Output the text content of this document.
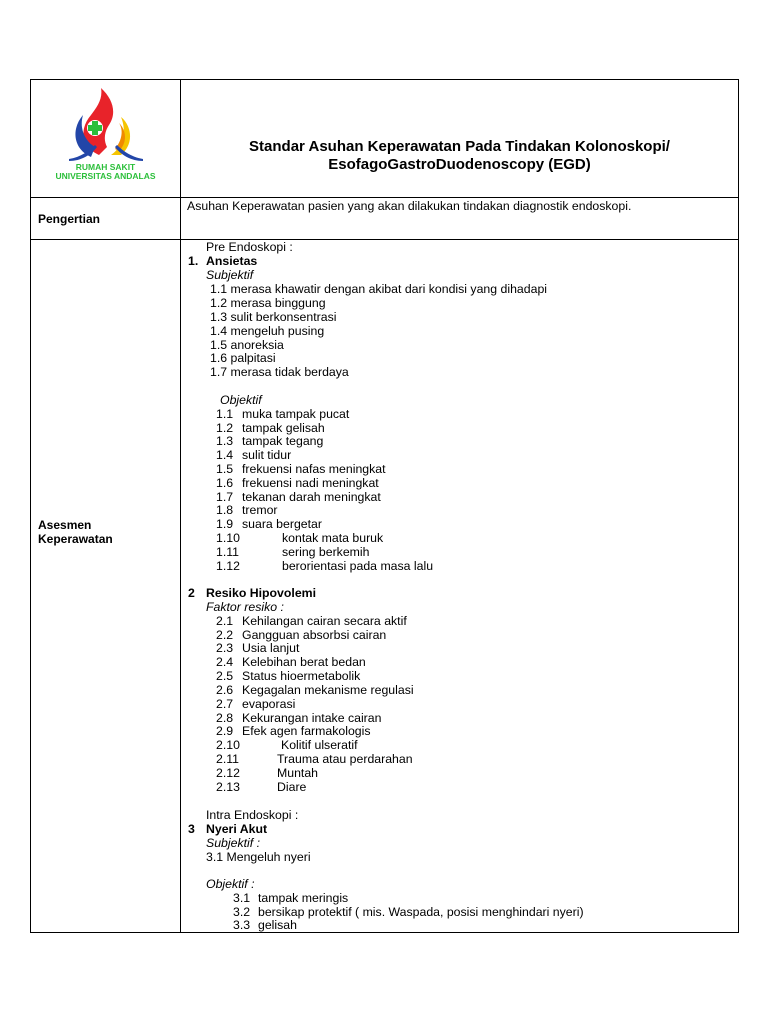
RUMAH SAKIT
UNIVERSITAS ANDALAS
Standar Asuhan Keperawatan Pada Tindakan Kolonoskopi/
EsofagoGastroDuodenoscopy (EGD)
Pengertian
Asuhan Keperawatan pasien yang akan dilakukan tindakan diagnostik endoskopi.
Asesmen
Keperawatan
Pre Endoskopi :
1. Ansietas
Subjektif
1.1 merasa khawatir dengan akibat dari kondisi yang dihadapi
1.2 merasa binggung
1.3 sulit berkonsentrasi
1.4 mengeluh pusing
1.5 anoreksia
1.6 palpitasi
1.7 merasa tidak berdaya
Objektif
1.1 muka tampak pucat
1.2 tampak gelisah
1.3 tampak tegang
1.4 sulit tidur
1.5 frekuensi nafas meningkat
1.6 frekuensi nadi meningkat
1.7 tekanan darah meningkat
1.8 tremor
1.9 suara bergetar
1.10	kontak mata buruk
1.11	sering berkemih
1.12	berorientasi pada masa lalu
2 Resiko Hipovolemi
Faktor resiko :
2.1 Kehilangan cairan secara aktif
2.2 Gangguan absorbsi cairan
2.3 Usia lanjut
2.4 Kelebihan berat bedan
2.5 Status hioermetabolik
2.6 Kegagalan mekanisme regulasi
2.7 evaporasi
2.8 Kekurangan intake cairan
2.9 Efek agen farmakologis
2.10	Kolitif ulseratif
2.11	Trauma atau perdarahan
2.12	Muntah
2.13	Diare
Intra Endoskopi :
3 Nyeri Akut
Subjektif :
3.1 Mengeluh nyeri
Objektif :
3.1 tampak meringis
3.2 bersikap protektif ( mis. Waspada, posisi menghindari nyeri)
3.3 gelisah
